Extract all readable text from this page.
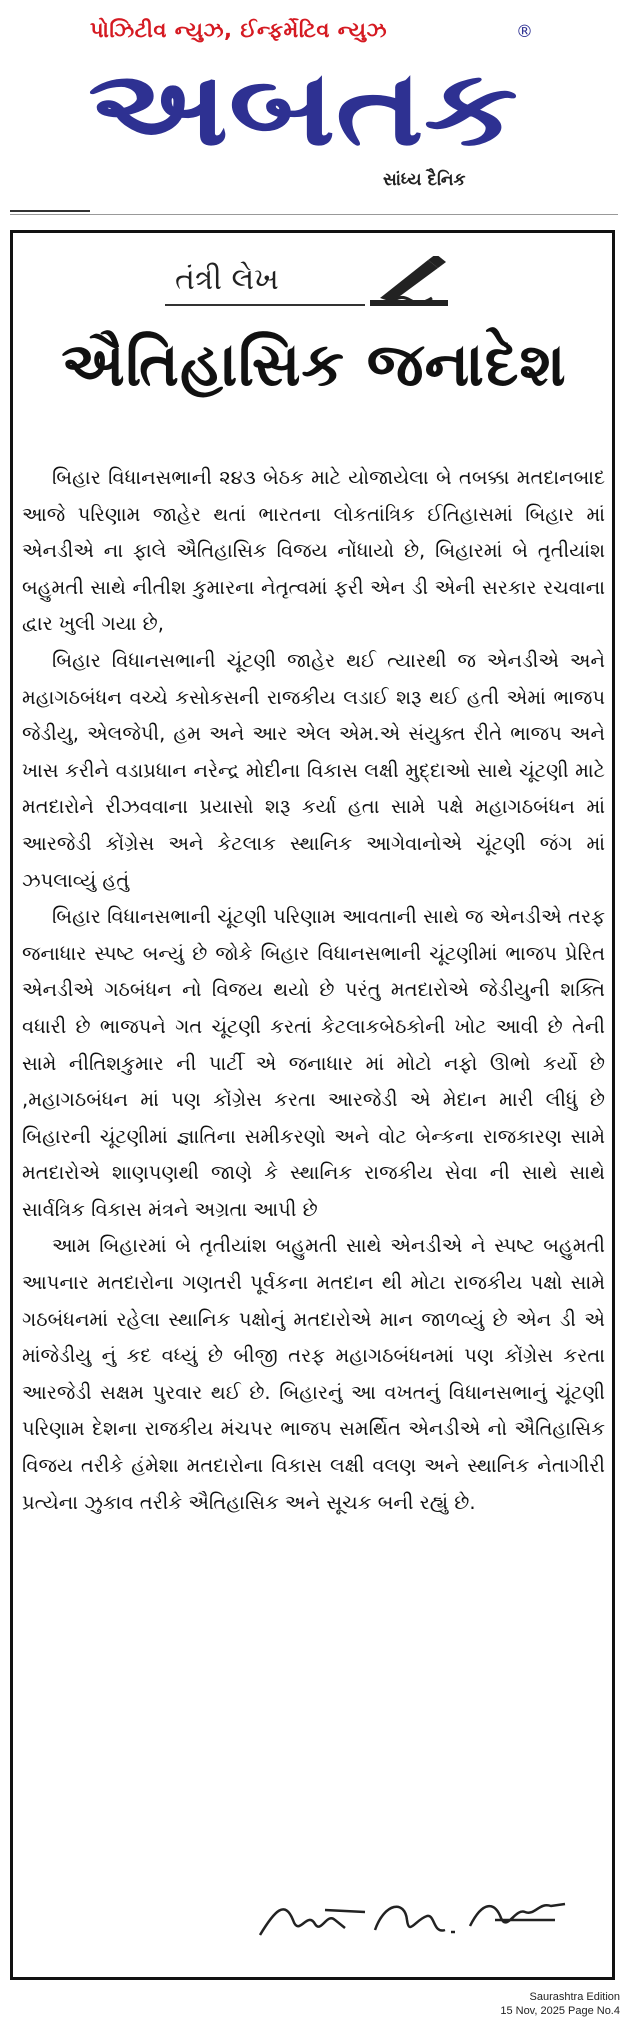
પોઝિટીવ ન્યુઝ, ઈન્ફર્મેટિવ ન્યુઝ	®
અબતક
સાંધ્ય દૈનિક
તંત્રી લેખ
ઐતિહાસિક જનાદેશ

બિહાર વિધાનસભાની ૨૪૩ બેઠક માટે યોજાયેલા બે તબક્કા મતદાનબાદ આજે પરિણામ જાહેર થતાં ભારતના લોકતાંત્રિક ઈતિહાસમાં બિહાર માં એનડીએ ના ફાલે ઐતિહાસિક વિજય નોંધાયો છે, બિહારમાં બે તૃતીયાંશ બહુમતી સાથે નીતીશ કુમારના નેતૃત્વમાં ફરી એન ડી એની સરકાર રચવાના દ્વાર ખુલી ગયા છે,

બિહાર વિધાનસભાની ચૂંટણી જાહેર થઈ ત્યારથી જ એનડીએ અને મહાગઠબંધન વચ્ચે કસોકસની રાજકીય લડાઈ શરૂ થઈ હતી એમાં ભાજપ જેડીયુ, એલજેપી, હમ અને આર એલ એમ.એ સંયુક્ત રીતે ભાજપ અને ખાસ કરીને વડાપ્રધાન નરેન્દ્ર મોદીના વિકાસ લક્ષી મુદ્દાઓ સાથે ચૂંટણી માટે મતદારોને રીઝવવાના પ્રયાસો શરૂ કર્યા હતા સામે પક્ષે મહાગઠબંધન માં આરજેડી કોંગ્રેસ અને કેટલાક સ્થાનિક આગેવાનોએ ચૂંટણી જંગ માં ઝપલાવ્યું હતું

બિહાર વિધાનસભાની ચૂંટણી પરિણામ આવતાની સાથે જ એનડીએ તરફ જનાધાર સ્પષ્ટ બન્યું છે જોકે બિહાર વિધાનસભાની ચૂંટણીમાં ભાજપ પ્રેરિત એનડીએ ગઠબંધન નો વિજય થયો છે પરંતુ મતદારોએ જેડીયુની શક્તિ વધારી છે ભાજપને ગત ચૂંટણી કરતાં કેટલાકબેઠકોની ખોટ આવી છે તેની સામે નીતિશકુમાર ની પાર્ટી એ જનાધાર માં મોટો નફો ઊભો કર્યો છે ,મહાગઠબંધન માં પણ કોંગ્રેસ કરતા આરજેડી એ મેદાન મારી લીધું છે બિહારની ચૂંટણીમાં જ્ઞાતિના સમીકરણો અને વોટ બેન્કના રાજકારણ સામે મતદારોએ શાણપણથી જાણે કે સ્થાનિક રાજકીય સેવા ની સાથે સાથે સાર્વત્રિક વિકાસ મંત્રને અગ્રતા આપી છે

આમ બિહારમાં બે તૃતીયાંશ બહુમતી સાથે એનડીએ ને સ્પષ્ટ બહુમતી આપનાર મતદારોના ગણતરી પૂર્વકના મતદાન થી મોટા રાજકીય પક્ષો સામે ગઠબંધનમાં રહેલા સ્થાનિક પક્ષોનું મતદારોએ માન જાળવ્યું છે એન ડી એ માંજેડીયુ નું કદ વધ્યું છે બીજી તરફ મહાગઠબંધનમાં પણ કોંગ્રેસ કરતા આરજેડી સક્ષમ પુરવાર થઈ છે. બિહારનું આ વખતનું વિધાનસભાનું ચૂંટણી પરિણામ દેશના રાજકીય મંચપર ભાજપ સમર્થિત એનડીએ નો ઐતિહાસિક વિજય તરીકે હંમેશા મતદારોના વિકાસ લક્ષી વલણ અને સ્થાનિક નેતાગીરી પ્રત્યેના ઝુકાવ તરીકે ઐતિહાસિક અને સૂચક બની રહ્યું છે.

Saurashtra Edition
15 Nov, 2025 Page No.4
